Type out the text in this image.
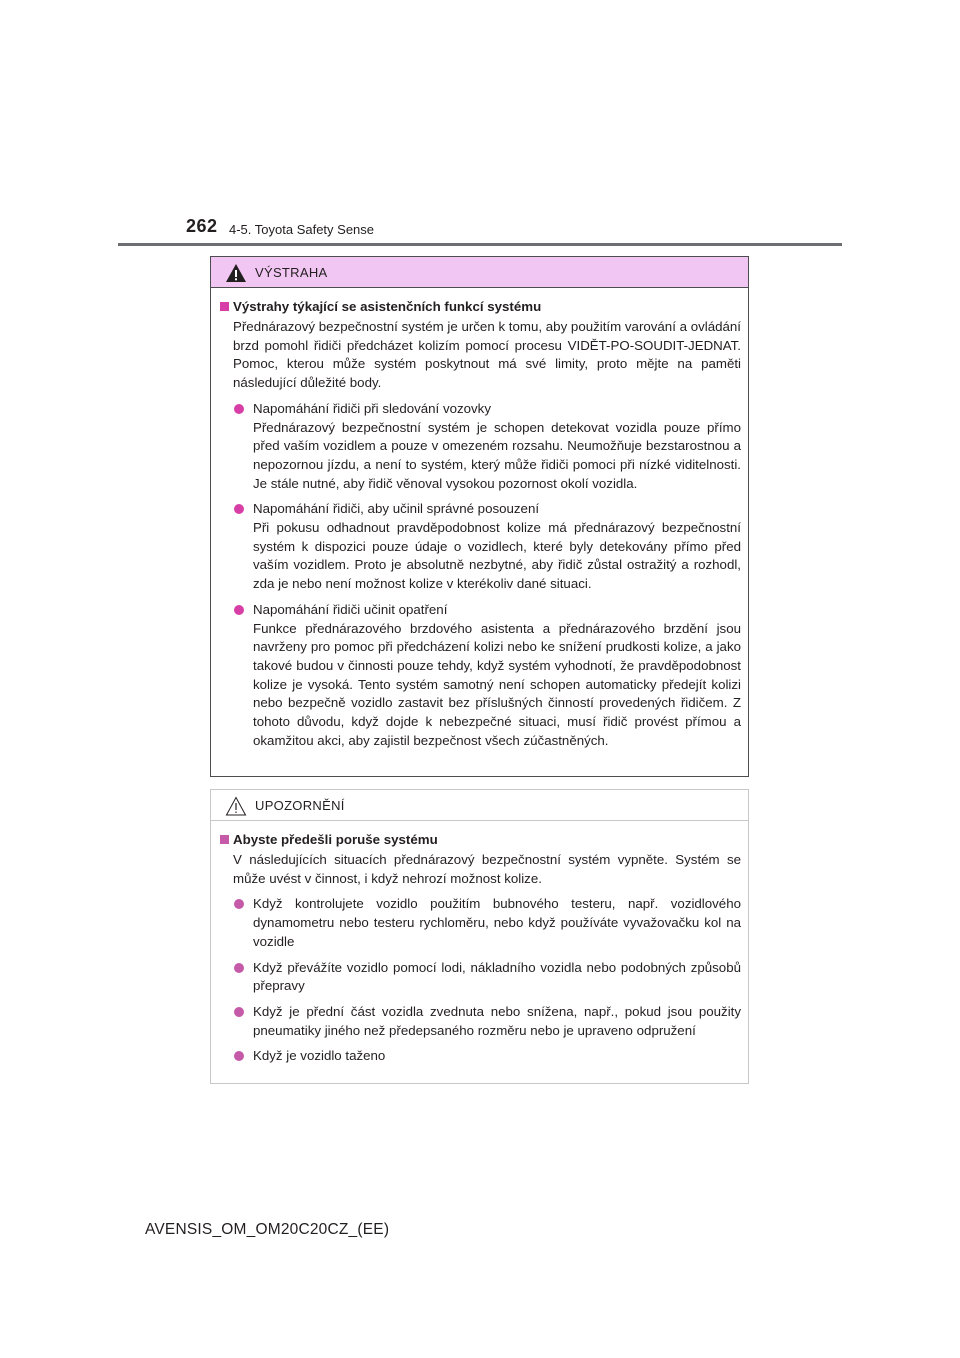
262 4-5. Toyota Safety Sense
VÝSTRAHA
Výstrahy týkající se asistenčních funkcí systému
Přednárazový bezpečnostní systém je určen k tomu, aby použitím varování a ovládání brzd pomohl řidiči předcházet kolizím pomocí procesu VIDĚT-PO-SOUDIT-JEDNAT. Pomoc, kterou může systém poskytnout má své limity, proto mějte na paměti následující důležité body.
Napomáhání řidiči při sledování vozovky
Přednárazový bezpečnostní systém je schopen detekovat vozidla pouze přímo před vaším vozidlem a pouze v omezeném rozsahu. Neumožňuje bezstarostnou a nepozornou jízdu, a není to systém, který může řidiči pomoci při nízké viditelnosti. Je stále nutné, aby řidič věnoval vysokou pozornost okolí vozidla.
Napomáhání řidiči, aby učinil správné posouzení
Při pokusu odhadnout pravděpodobnost kolize má přednárazový bezpečnostní systém k dispozici pouze údaje o vozidlech, které byly detekovány přímo před vaším vozidlem. Proto je absolutně nezbytné, aby řidič zůstal ostražitý a rozhodl, zda je nebo není možnost kolize v kterékoliv dané situaci.
Napomáhání řidiči učinit opatření
Funkce přednárazového brzdového asistenta a přednárazového brzdění jsou navrženy pro pomoc při předcházení kolizi nebo ke snížení prudkosti kolize, a jako takové budou v činnosti pouze tehdy, když systém vyhodnotí, že pravděpodobnost kolize je vysoká. Tento systém samotný není schopen automaticky předejít kolizi nebo bezpečně vozidlo zastavit bez příslušných činností provedených řidičem. Z tohoto důvodu, když dojde k nebezpečné situaci, musí řidič provést přímou a okamžitou akci, aby zajistil bezpečnost všech zúčastněných.
UPOZORNĚNÍ
Abyste předešli poruše systému
V následujících situacích přednárazový bezpečnostní systém vypněte. Systém se může uvést v činnost, i když nehrozí možnost kolize.
Když kontrolujete vozidlo použitím bubnového testeru, např. vozidlového dynamometru nebo testeru rychloměru, nebo když používáte vyvažovačku kol na vozidle
Když převážíte vozidlo pomocí lodi, nákladního vozidla nebo podobných způsobů přepravy
Když je přední část vozidla zvednuta nebo snížena, např., pokud jsou použity pneumatiky jiného než předepsaného rozměru nebo je upraveno odpružení
Když je vozidlo taženo
AVENSIS_OM_OM20C20CZ_(EE)
